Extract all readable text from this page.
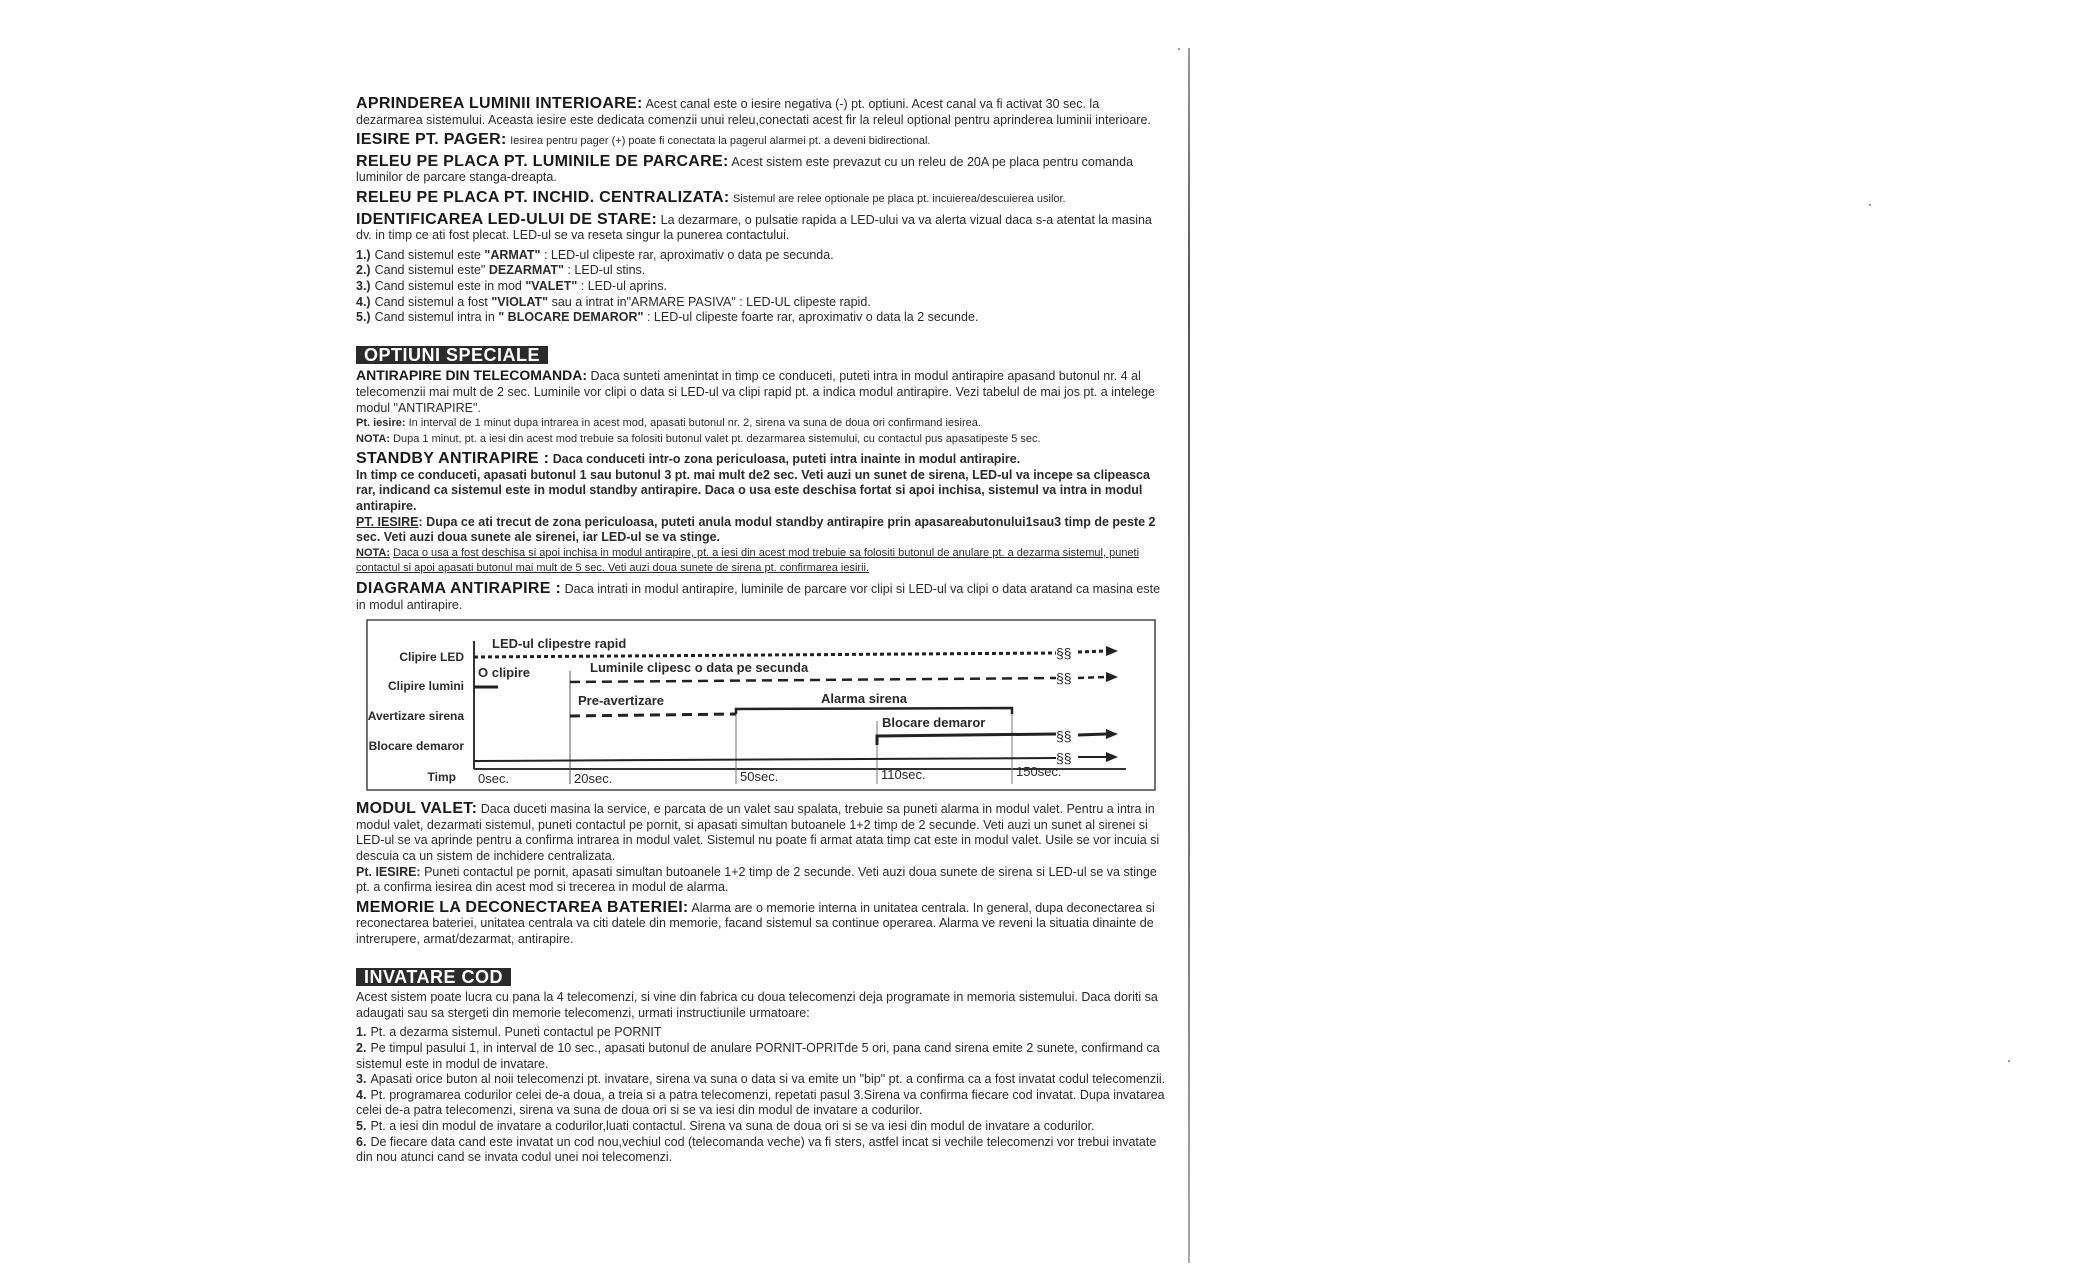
APRINDEREA LUMINII INTERIOARE: Acest canal este o iesire negativa (-) pt. optiuni. Acest canal va fi activat 30 sec. la dezarmarea sistemului. Aceasta iesire este dedicata comenzii unui releu,conectati acest fir la releul optional pentru aprinderea luminii interioare.

IESIRE PT. PAGER: Iesirea pentru pager (+) poate fi conectata la pagerul alarmei pt. a deveni bidirectional.

RELEU PE PLACA PT. LUMINILE DE PARCARE: Acest sistem este prevazut cu un releu de 20A pe placa pentru comanda luminilor de parcare stanga-dreapta.

RELEU PE PLACA PT. INCHID. CENTRALIZATA: Sistemul are relee optionale pe placa pt. incuierea/descuierea usilor.

IDENTIFICAREA LED-ULUI DE STARE: La dezarmare, o pulsatie rapida a LED-ului va va alerta vizual daca s-a atentat la masina dv. in timp ce ati fost plecat. LED-ul se va reseta singur la punerea contactului.

1.) Cand sistemul este "ARMAT" : LED-ul clipeste rar, aproximativ o data pe secunda.
2.) Cand sistemul este" DEZARMAT" : LED-ul stins.
3.) Cand sistemul este in mod "VALET" : LED-ul aprins.
4.) Cand sistemul a fost "VIOLAT" sau a intrat in"ARMARE PASIVA" : LED-UL clipeste rapid.
5.) Cand sistemul intra in " BLOCARE DEMAROR" : LED-ul clipeste foarte rar, aproximativ o data la 2 secunde.
OPTIUNI SPECIALE

ANTIRAPIRE DIN TELECOMANDA: Daca sunteti amenintat in timp ce conduceti, puteti intra in modul antirapire apasand butonul nr. 4 al telecomenzii mai mult de 2 sec. Luminile vor clipi o data si LED-ul va clipi rapid pt. a indica modul antirapire. Vezi tabelul de mai jos pt. a intelege modul "ANTIRAPIRE".

Pt. iesire: In interval de 1 minut dupa intrarea in acest mod, apasati butonul nr. 2, sirena va suna de doua ori confirmand iesirea.

NOTA: Dupa 1 minut, pt. a iesi din acest mod trebuie sa folositi butonul valet pt. dezarmarea sistemului, cu contactul pus apasatipeste 5 sec.

STANDBY ANTIRAPIRE : Daca conduceti intr-o zona periculoasa, puteti intra inainte in modul antirapire.

In timp ce conduceti, apasati butonul 1 sau butonul 3 pt. mai mult de2 sec. Veti auzi un sunet de sirena, LED-ul va incepe sa clipeasca rar, indicand ca sistemul este in modul standby antirapire. Daca o usa este deschisa fortat si apoi inchisa, sistemul va intra in modul antirapire.

PT. IESIRE: Dupa ce ati trecut de zona periculoasa, puteti anula modul standby antirapire prin apasareabutonului1sau3 timp de peste 2 sec. Veti auzi doua sunete ale sirenei, iar LED-ul se va stinge.

NOTA: Daca o usa a fost deschisa si apoi inchisa in modul antirapire, pt. a iesi din acest mod trebuie sa folositi butonul de anulare pt. a dezarma sistemul, puneti contactul si apoi apasati butonul mai mult de 5 sec. Veti auzi doua sunete de sirena pt. confirmarea iesirii.

DIAGRAMA ANTIRAPIRE : Daca intrati in modul antirapire, luminile de parcare vor clipi si LED-ul va clipi o data aratand ca masina este in modul antirapire.

Clipire LED
Clipire lumini
Avertizare sirena
Blocare demaror
Timp 0sec.	20sec.	50sec.	110sec.	150sec.
LED-ul clipestre rapid
§§
O clipire	Luminile clipesc o data pe secunda
§§
Pre-avertizare	Alarma sirena
Blocare demaror
§§
§§

MODUL VALET: Daca duceti masina la service, e parcata de un valet sau spalata, trebuie sa puneti alarma in modul valet. Pentru a intra in modul valet, dezarmati sistemul, puneti contactul pe pornit, si apasati simultan butoanele 1+2 timp de 2 secunde. Veti auzi un sunet al sirenei si LED-ul se va aprinde pentru a confirma intrarea in modul valet. Sistemul nu poate fi armat atata timp cat este in modul valet. Usile se vor incuia si descuia ca un sistem de inchidere centralizata.

Pt. IESIRE: Puneti contactul pe pornit, apasati simultan butoanele 1+2 timp de 2 secunde. Veti auzi doua sunete de sirena si LED-ul se va stinge pt. a confirma iesirea din acest mod si trecerea in modul de alarma.

MEMORIE LA DECONECTAREA BATERIEI: Alarma are o memorie interna in unitatea centrala. In general, dupa deconectarea si reconectarea bateriei, unitatea centrala va citi datele din memorie, facand sistemul sa continue operarea. Alarma ve reveni la situatia dinainte de intrerupere, armat/dezarmat, antirapire.

INVATARE COD

Acest sistem poate lucra cu pana la 4 telecomenzi, si vine din fabrica cu doua telecomenzi deja programate in memoria sistemului. Daca doriti sa adaugati sau sa stergeti din memorie telecomenzi, urmati instructiunile urmatoare:

1. Pt. a dezarma sistemul. Puneti contactul pe PORNIT
2. Pe timpul pasului 1, in interval de 10 sec., apasati butonul de anulare PORNIT-OPRITde 5 ori, pana cand sirena emite 2 sunete, confirmand ca sistemul este in modul de invatare.
3. Apasati orice buton al noii telecomenzi pt. invatare, sirena va suna o data si va emite un "bip" pt. a confirma ca a fost invatat codul telecomenzii.
4. Pt. programarea codurilor celei de-a doua, a treia si a patra telecomenzi, repetati pasul 3.Sirena va confirma fiecare cod invatat. Dupa invatarea celei de-a patra telecomenzi, sirena va suna de doua ori si se va iesi din modul de invatare a codurilor.
5. Pt. a iesi din modul de invatare a codurilor,luati contactul. Sirena va suna de doua ori si se va iesi din modul de invatare a codurilor.
6. De fiecare data cand este invatat un cod nou,vechiul cod (telecomanda veche) va fi sters, astfel incat si vechile telecomenzi vor trebui invatate din nou atunci cand se invata codul unei noi telecomenzi.
